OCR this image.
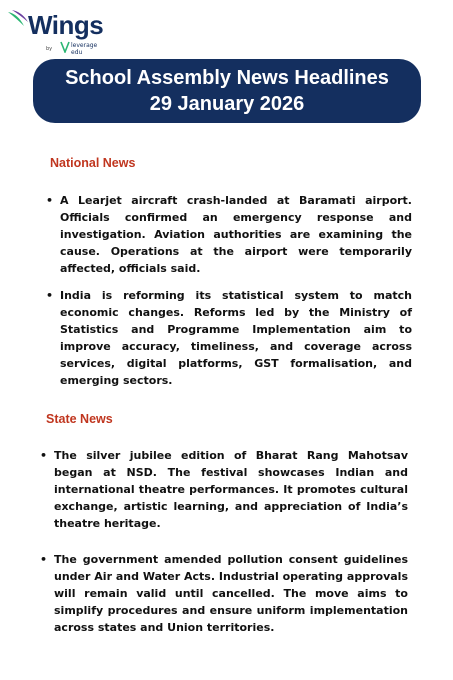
Wings
by	leverage edu
School Assembly News Headlines
29 January 2026
National News
• A Learjet aircraft crash-landed at Baramati airport. Officials confirmed an emergency response and investigation. Aviation authorities are examining the cause. Operations at the airport were temporarily affected, officials said.
• India is reforming its statistical system to match economic changes. Reforms led by the Ministry of Statistics and Programme Implementation aim to improve accuracy, timeliness, and coverage across services, digital platforms, GST formalisation, and emerging sectors.
State News
• The silver jubilee edition of Bharat Rang Mahotsav began at NSD. The festival showcases Indian and international theatre performances. It promotes cultural exchange, artistic learning, and appreciation of India’s theatre heritage.
• The government amended pollution consent guidelines under Air and Water Acts. Industrial operating approvals will remain valid until cancelled. The move aims to simplify procedures and ensure uniform implementation across states and Union territories.
